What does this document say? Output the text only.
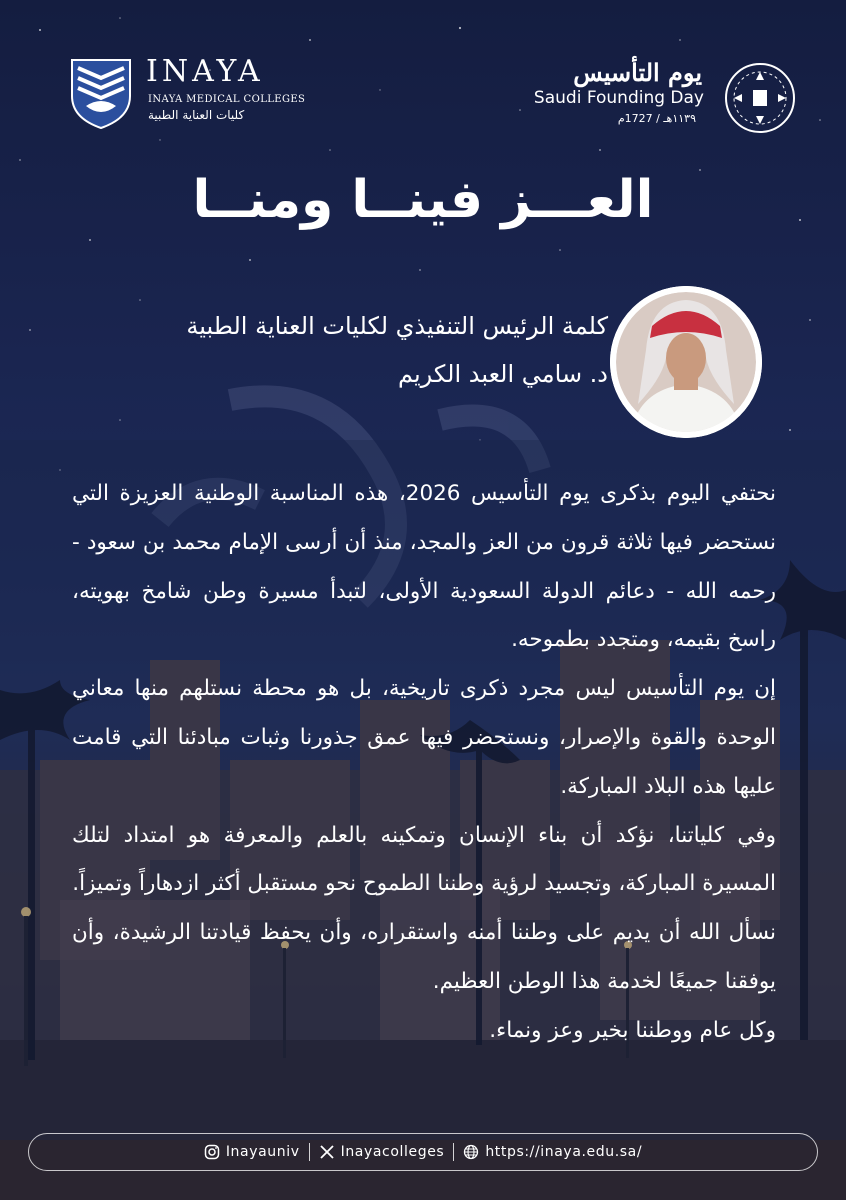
INAYA
INAYA MEDICAL COLLEGES
كليات العناية الطبية
يوم التأسيس
Saudi Founding Day
١١٣٩هـ / 1727م
العـــز فينــا ومنــا
كلمة الرئيس التنفيذي لكليات العناية الطبية
د. سامي العبد الكريم

نحتفي اليوم بذكرى يوم التأسيس 2026، هذه المناسبة الوطنية العزيزة التي نستحضر فيها ثلاثة قرون من العز والمجد، منذ أن أرسى الإمام محمد بن سعود - رحمه الله - دعائم الدولة السعودية الأولى، لتبدأ مسيرة وطن شامخ بهويته، راسخ بقيمه، ومتجدد بطموحه.

إن يوم التأسيس ليس مجرد ذكرى تاريخية، بل هو محطة نستلهم منها معاني الوحدة والقوة والإصرار، ونستحضر فيها عمق جذورنا وثبات مبادئنا التي قامت عليها هذه البلاد المباركة.

وفي كلياتنا، نؤكد أن بناء الإنسان وتمكينه بالعلم والمعرفة هو امتداد لتلك المسيرة المباركة، وتجسيد لرؤية وطننا الطموح نحو مستقبل أكثر ازدهاراً وتميزاً.

نسأل الله أن يديم على وطننا أمنه واستقراره، وأن يحفظ قيادتنا الرشيدة، وأن يوفقنا جميعًا لخدمة هذا الوطن العظيم.

وكل عام ووطننا بخير وعز ونماء.

Inayauniv	Inayacolleges	https://inaya.edu.sa/
